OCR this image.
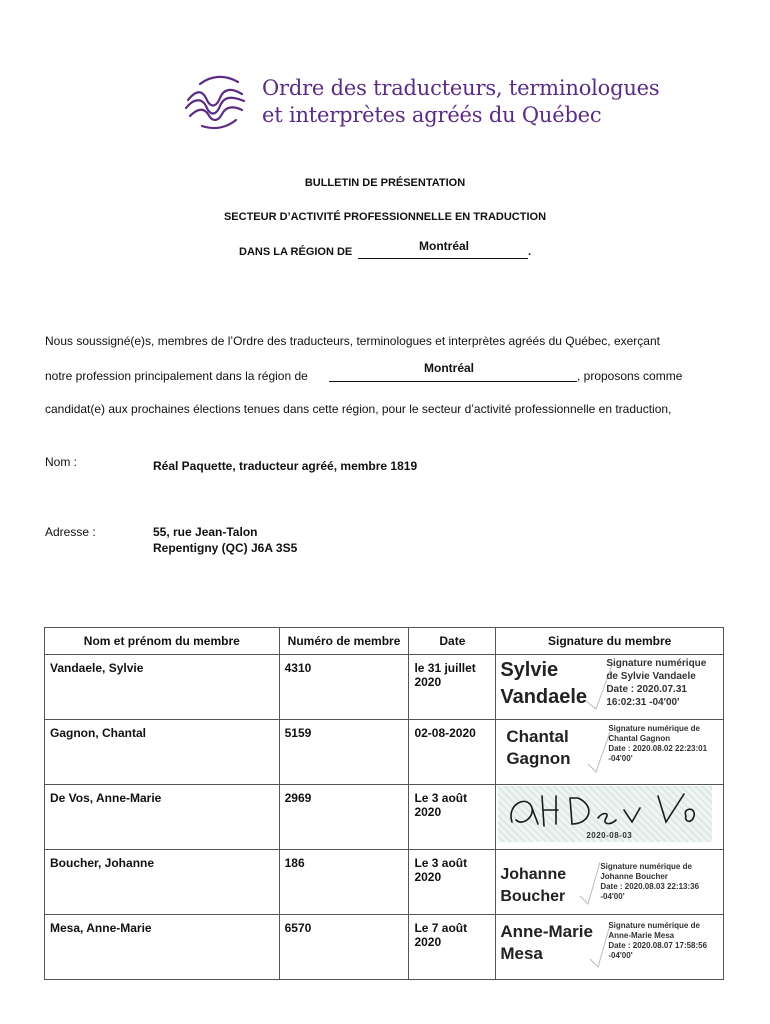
Ordre des traducteurs, terminologues
et interprètes agréés du Québec
BULLETIN DE PRÉSENTATION
SECTEUR D’ACTIVITÉ PROFESSIONNELLE EN TRADUCTION
DANS LA RÉGION DE	.
Montréal
Nous soussigné(e)s, membres de l’Ordre des traducteurs, terminologues et interprètes agréés du Québec, exerçant
notre profession principalement dans la région de
Montréal
, proposons comme
candidat(e) aux prochaines élections tenues dans cette région, pour le secteur d’activité professionnelle en traduction,
Nom :	Réal Paquette, traducteur agréé, membre 1819
Adresse :	55, rue Jean-Talon
Repentigny (QC) J6A 3S5
Nom et prénom du membre	Numéro de membre	Date	Signature du membre
Vandaele, Sylvie	4310	le 31 juillet 2020	Sylvie Vandaele
Signature numérique
de Sylvie Vandaele
Date : 2020.07.31
16:02:31 -04'00'

Gagnon, Chantal	5159	02-08-2020	Chantal Gagnon
Signature numérique de
Chantal Gagnon
Date : 2020.08.02 22:23:01
-04'00'

De Vos, Anne-Marie	2969	Le 3 août 2020	2020-08-03

Boucher, Johanne	186	Le 3 août 2020	Johanne Boucher
Signature numérique de
Johanne Boucher
Date : 2020.08.03 22:13:36
-04'00'

Mesa, Anne-Marie	6570	Le 7 août 2020	Anne-Marie Mesa
Signature numérique de
Anne-Marie Mesa
Date : 2020.08.07 17:58:56
-04'00'
